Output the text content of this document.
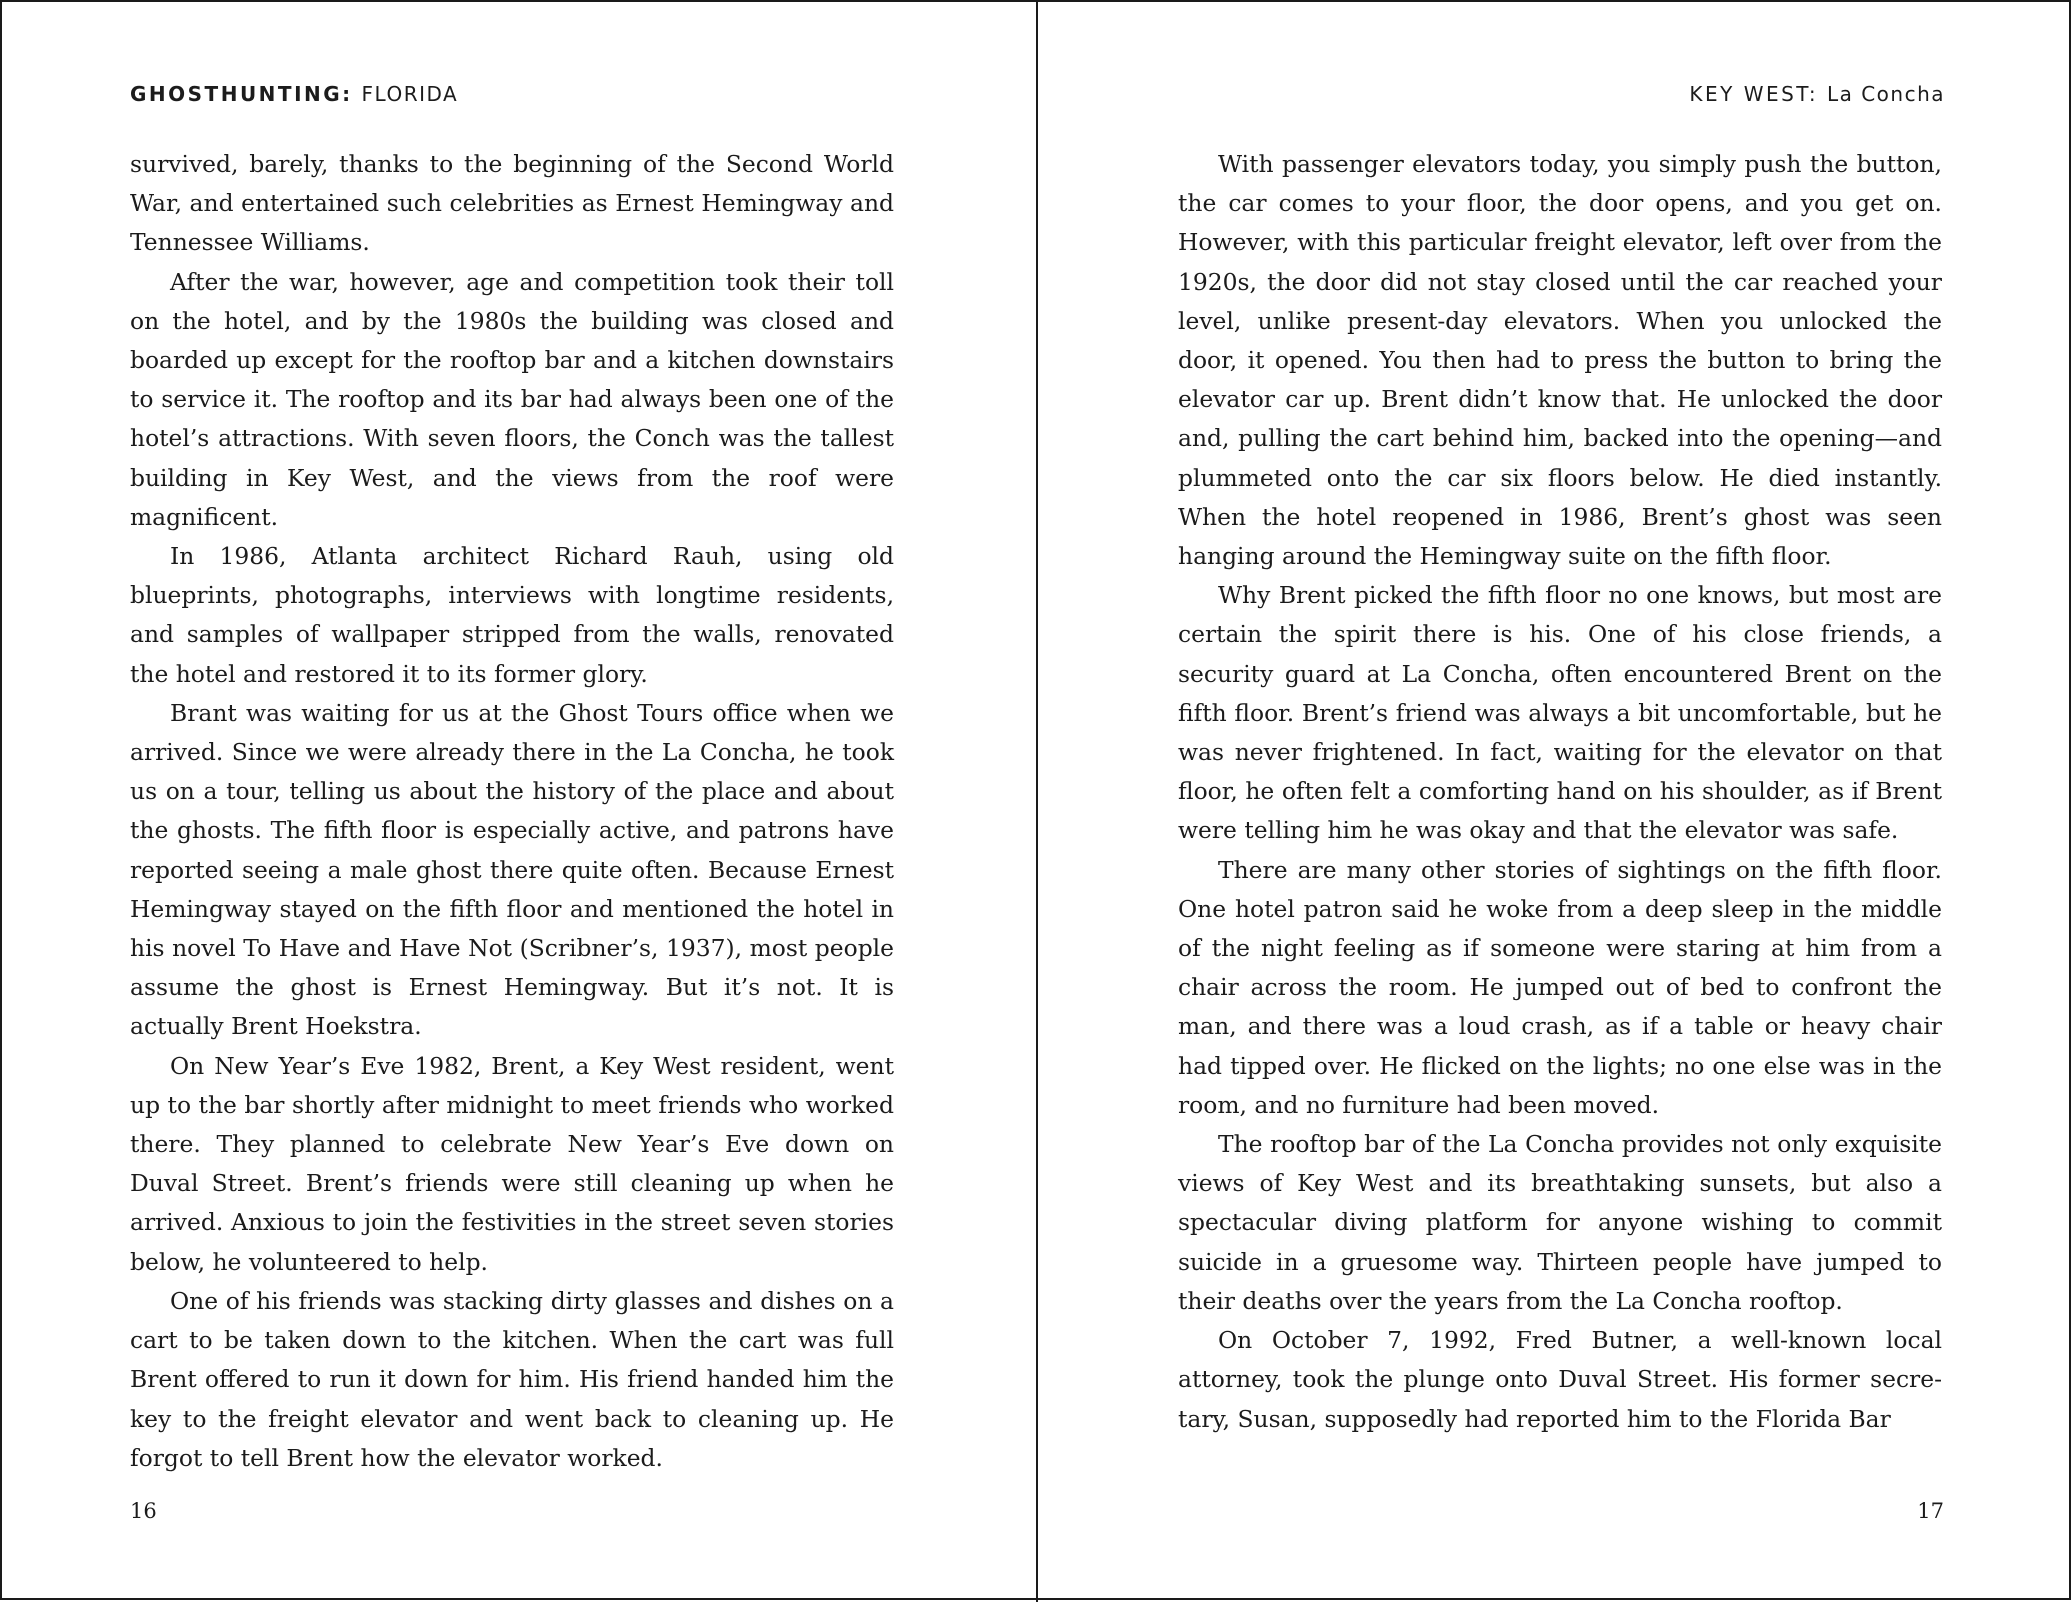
GHOSTHUNTING: FLORIDA

survived, barely, thanks to the beginning of the Second World War, and entertained such celebrities as Ernest Hemingway and Tennessee Williams.

After the war, however, age and competition took their toll on the hotel, and by the 1980s the building was closed and boarded up except for the rooftop bar and a kitchen downstairs to service it. The rooftop and its bar had always been one of the hotel’s attractions. With seven floors, the Conch was the tallest building in Key West, and the views from the roof were magnificent.

In 1986, Atlanta architect Richard Rauh, using old blueprints, photographs, interviews with longtime residents, and samples of wallpaper stripped from the walls, renovated the hotel and restored it to its former glory.

Brant was waiting for us at the Ghost Tours office when we arrived. Since we were already there in the La Concha, he took us on a tour, telling us about the history of the place and about the ghosts. The fifth floor is especially active, and patrons have reported seeing a male ghost there quite often. Because Ernest Hemingway stayed on the fifth floor and mentioned the hotel in his novel To Have and Have Not (Scribner’s, 1937), most people assume the ghost is Ernest Hemingway. But it’s not. It is actually Brent Hoekstra.

On New Year’s Eve 1982, Brent, a Key West resident, went up to the bar shortly after midnight to meet friends who worked there. They planned to celebrate New Year’s Eve down on Duval Street. Brent’s friends were still cleaning up when he arrived. Anxious to join the festivities in the street seven stories below, he volunteered to help.

One of his friends was stacking dirty glasses and dishes on a cart to be taken down to the kitchen. When the cart was full Brent offered to run it down for him. His friend handed him the key to the freight elevator and went back to cleaning up. He forgot to tell Brent how the elevator worked.

16
KEY WEST: La Concha

With passenger elevators today, you simply push the button, the car comes to your floor, the door opens, and you get on. However, with this particular freight elevator, left over from the 1920s, the door did not stay closed until the car reached your level, unlike present-day elevators. When you unlocked the door, it opened. You then had to press the button to bring the elevator car up. Brent didn’t know that. He unlocked the door and, pulling the cart behind him, backed into the opening—and plummeted onto the car six floors below. He died instantly. When the hotel reopened in 1986, Brent’s ghost was seen hanging around the Hemingway suite on the fifth floor.

Why Brent picked the fifth floor no one knows, but most are certain the spirit there is his. One of his close friends, a security guard at La Concha, often encountered Brent on the fifth floor. Brent’s friend was always a bit uncomfortable, but he was never frightened. In fact, waiting for the elevator on that floor, he often felt a comforting hand on his shoulder, as if Brent were telling him he was okay and that the elevator was safe.

There are many other stories of sightings on the fifth floor. One hotel patron said he woke from a deep sleep in the middle of the night feeling as if someone were staring at him from a chair across the room. He jumped out of bed to confront the man, and there was a loud crash, as if a table or heavy chair had tipped over. He flicked on the lights; no one else was in the room, and no furniture had been moved.

The rooftop bar of the La Concha provides not only exquisite views of Key West and its breathtaking sunsets, but also a spectacular diving platform for anyone wishing to commit suicide in a gruesome way. Thirteen people have jumped to their deaths over the years from the La Concha rooftop.

On October 7, 1992, Fred Butner, a well-known local attorney, took the plunge onto Duval Street. His former secretary, Susan, supposedly had reported him to the Florida Bar

17
